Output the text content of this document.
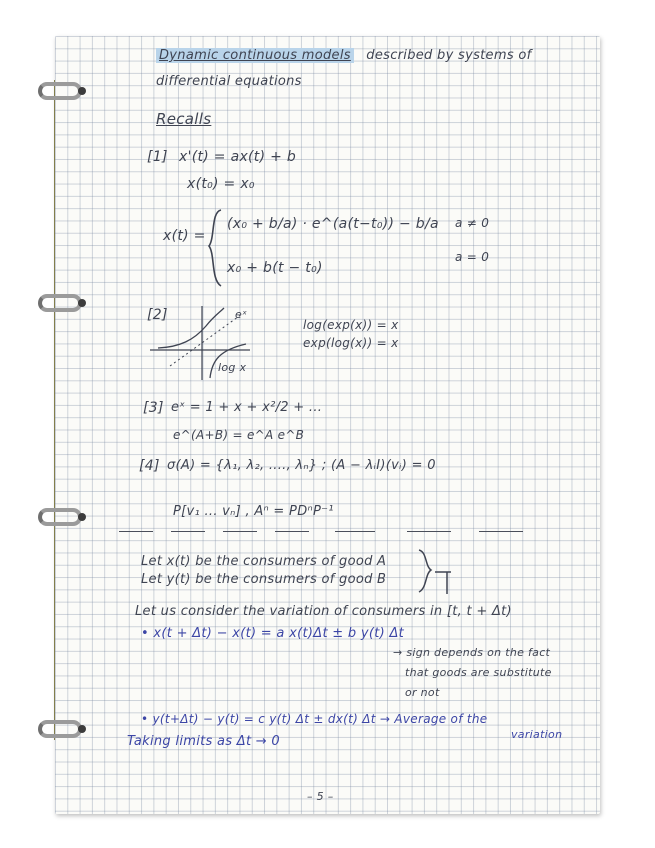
Dynamic continuous models described by systems of
differential equations
Recalls
[1] x'(t) = ax(t) + b
x(t₀) = x₀
x(t) =
(x₀ + b/a) · e^(a(t−t₀)) − b/a a ≠ 0
x₀ + b(t − t₀)
a = 0
[2]	eˣ
log x
log(exp(x)) = x
exp(log(x)) = x
[3] eˣ = 1 + x + x²/2 + ...
e^(A+B) = e^A e^B
[4] σ(A) = {λ₁, λ₂, ...., λₙ} ; (A − λᵢI)(vᵢ) = 0
P[v₁ ... vₙ] , Aⁿ = PDⁿP⁻¹
Let x(t) be the consumers of good A
Let y(t) be the consumers of good B
Let us consider the variation of consumers in [t, t + Δt)
• x(t + Δt) − x(t) = a x(t)Δt ± b y(t) Δt
→ sign depends on the fact
that goods are substitute
or not
• y(t+Δt) − y(t) = c y(t) Δt ± dx(t) Δt → Average of the
variation
Taking limits as Δt → 0
– 5 –
